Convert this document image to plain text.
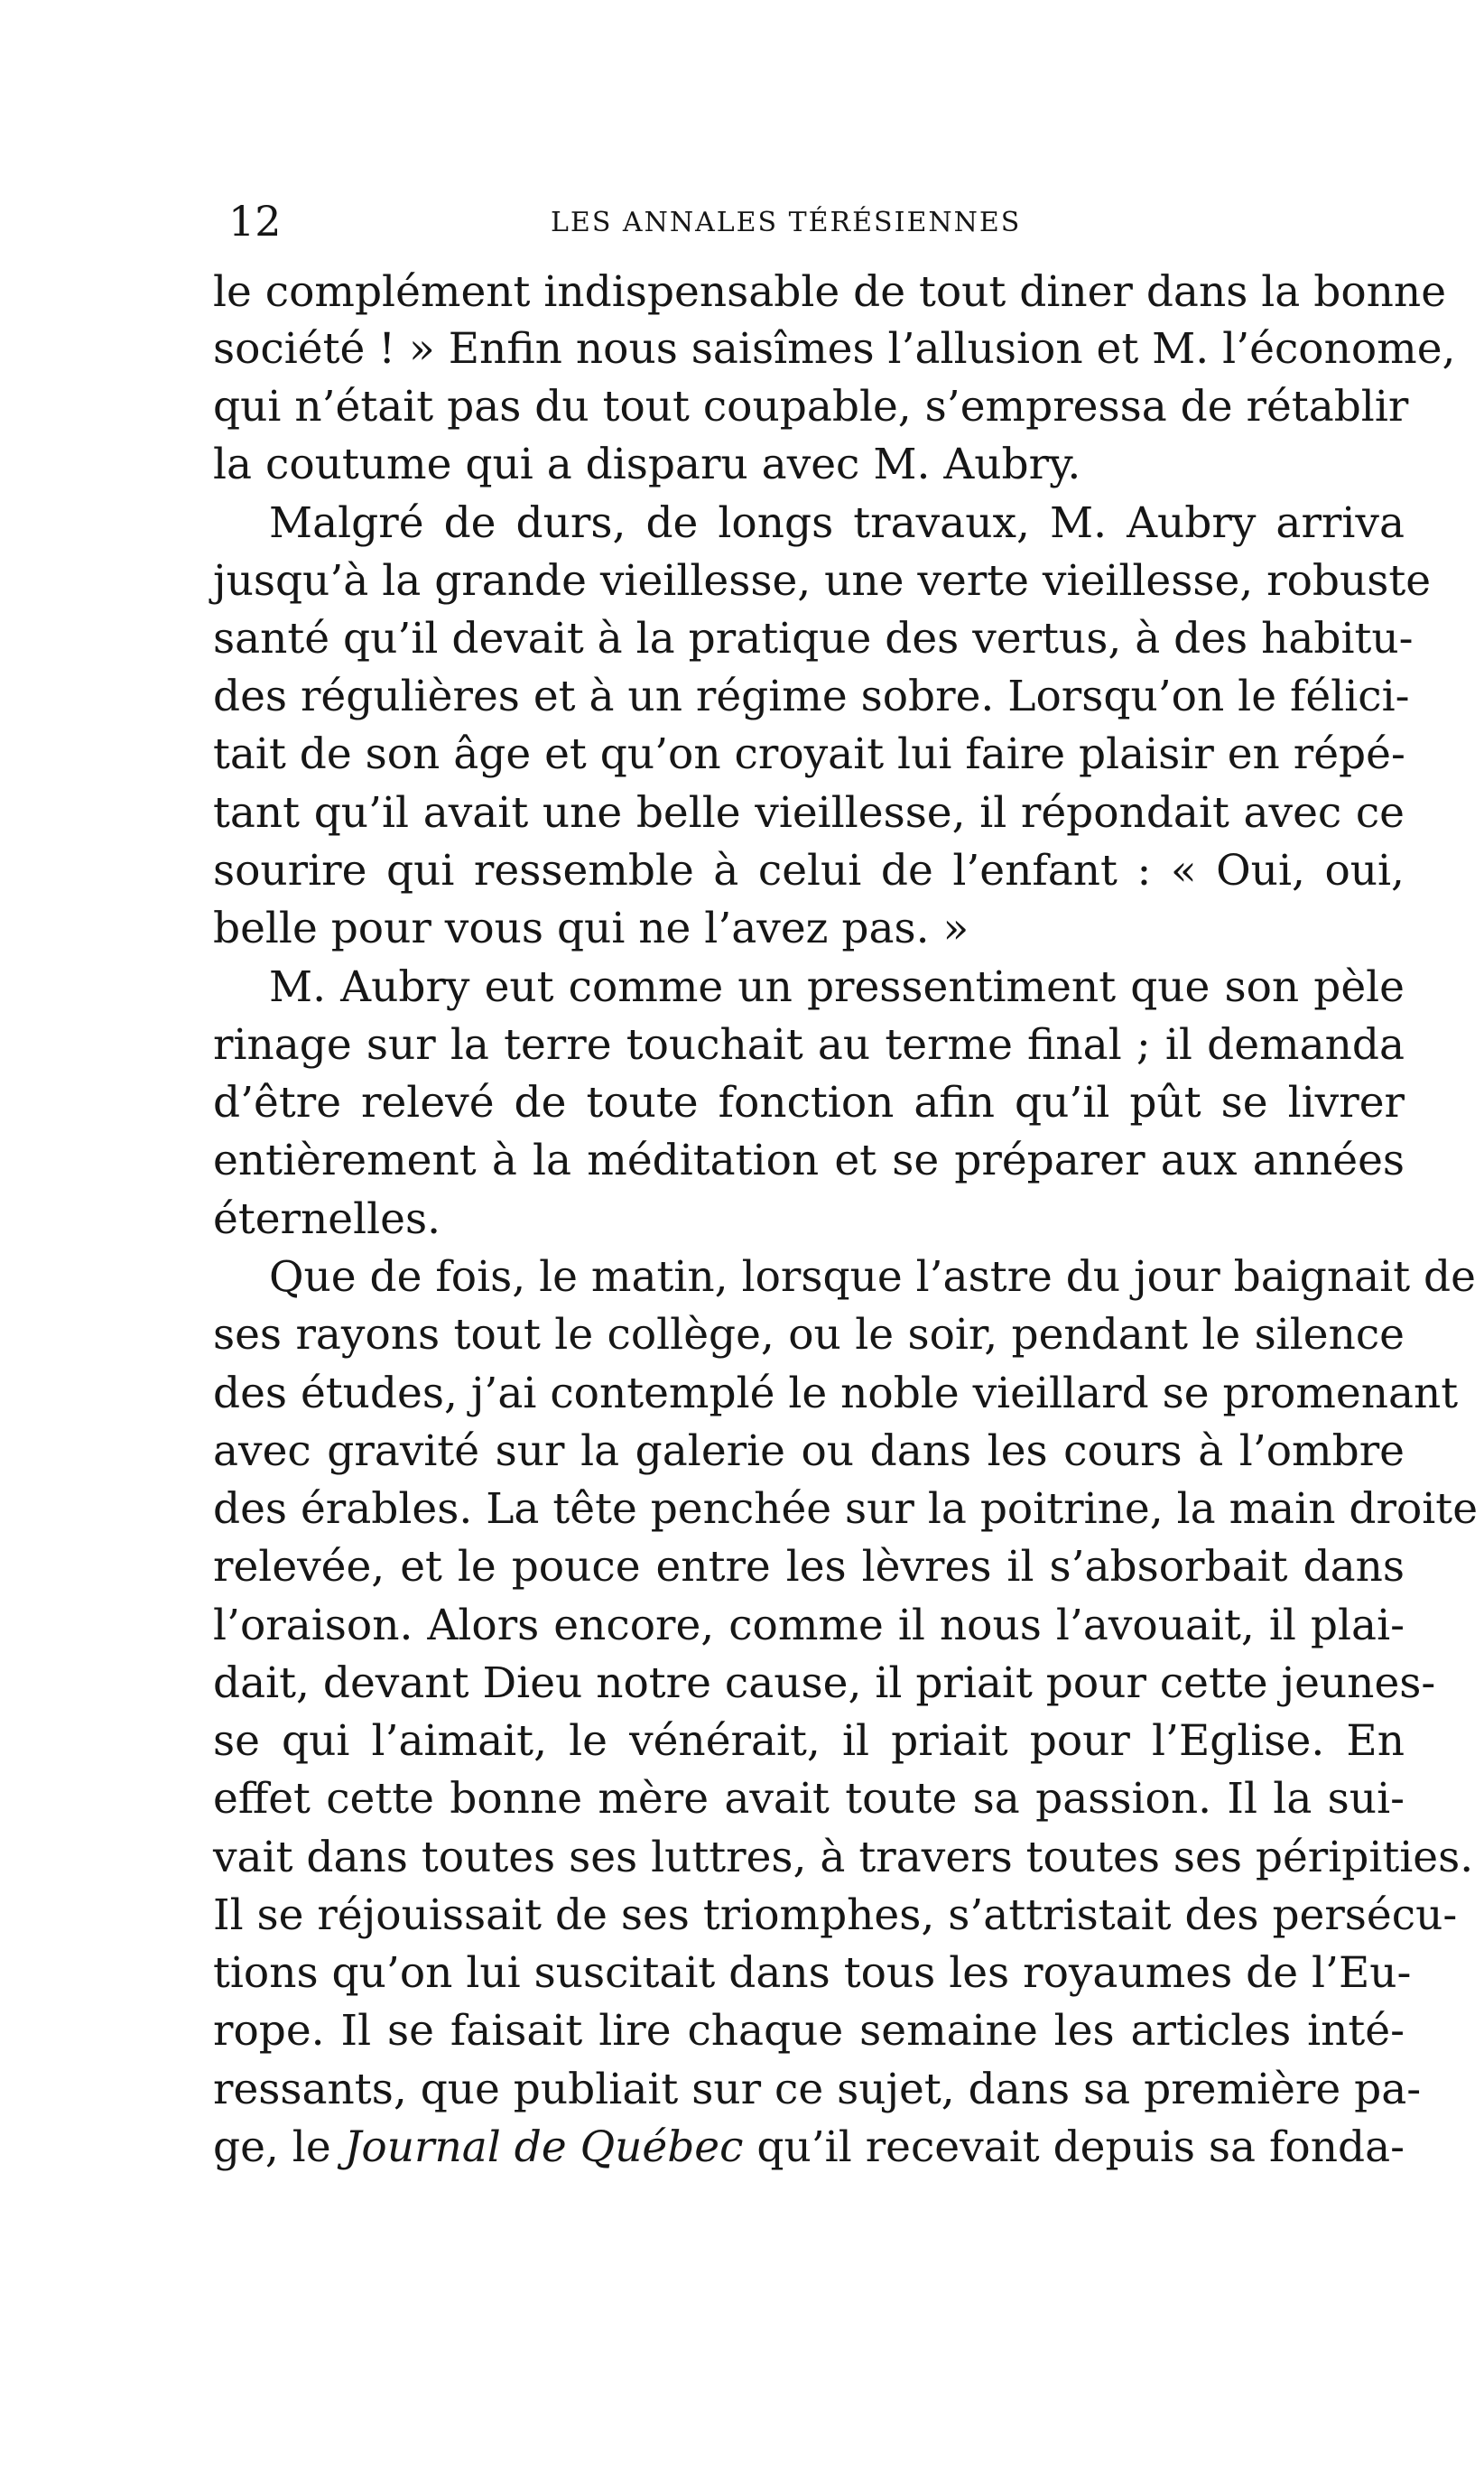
12	LES ANNALES TÉRÉSIENNES
le complément indispensable de tout diner dans la bonne
société ! » Enfin nous saisîmes l’allusion et M. l’économe,
qui n’était pas du tout coupable, s’empressa de rétablir
la coutume qui a disparu avec M. Aubry.
Malgré de durs, de longs travaux, M. Aubry arriva
jusqu’à la grande vieillesse, une verte vieillesse, robuste
santé qu’il devait à la pratique des vertus, à des habitu-
des régulières et à un régime sobre. Lorsqu’on le félici-
tait de son âge et qu’on croyait lui faire plaisir en répé-
tant qu’il avait une belle vieillesse, il répondait avec ce
sourire qui ressemble à celui de l’enfant : « Oui, oui,
belle pour vous qui ne l’avez pas. »
M. Aubry eut comme un pressentiment que son pèle
rinage sur la terre touchait au terme final ; il demanda
d’être relevé de toute fonction afin qu’il pût se livrer
entièrement à la méditation et se préparer aux années
éternelles.
Que de fois, le matin, lorsque l’astre du jour baignait de
ses rayons tout le collège, ou le soir, pendant le silence
des études, j’ai contemplé le noble vieillard se promenant
avec gravité sur la galerie ou dans les cours à l’ombre
des érables. La tête penchée sur la poitrine, la main droite
relevée, et le pouce entre les lèvres il s’absorbait dans
l’oraison. Alors encore, comme il nous l’avouait, il plai-
dait, devant Dieu notre cause, il priait pour cette jeunes-
se qui l’aimait, le vénérait, il priait pour l’Eglise. En
effet cette bonne mère avait toute sa passion. Il la sui-
vait dans toutes ses luttres, à travers toutes ses péripities.
Il se réjouissait de ses triomphes, s’attristait des persécu-
tions qu’on lui suscitait dans tous les royaumes de l’Eu-
rope. Il se faisait lire chaque semaine les articles inté-
ressants, que publiait sur ce sujet, dans sa première pa-
ge, le Journal de Québec qu’il recevait depuis sa fonda-
